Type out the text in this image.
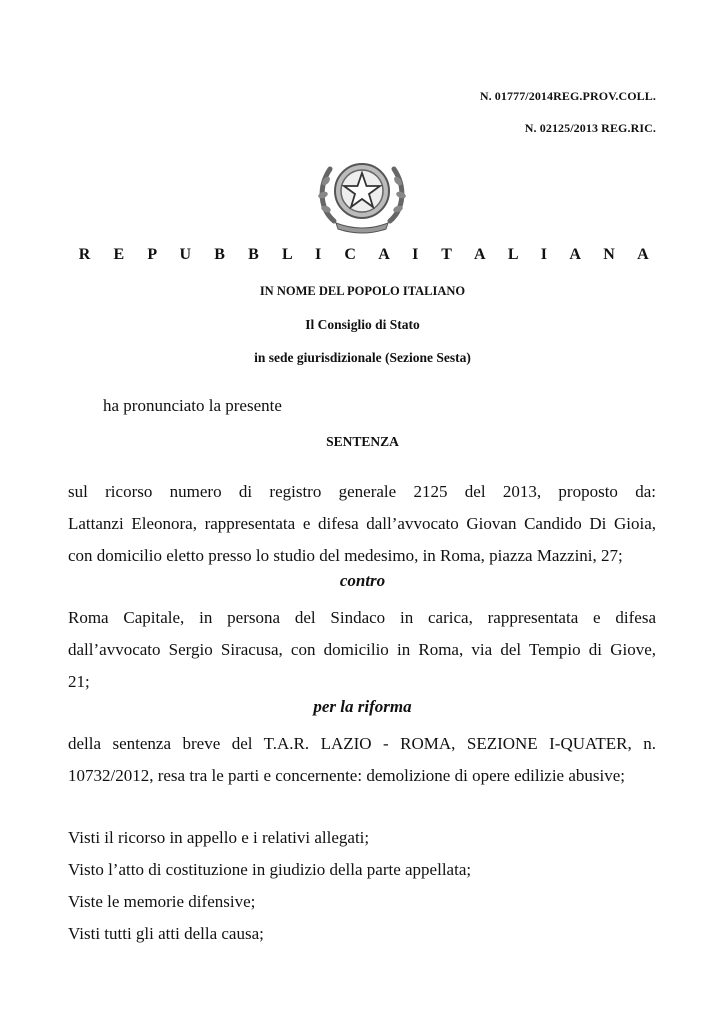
N. 01777/2014REG.PROV.COLL.
N. 02125/2013 REG.RIC.
R E P U B B L I C A I T A L I A N A
IN NOME DEL POPOLO ITALIANO
Il Consiglio di Stato
in sede giurisdizionale (Sezione Sesta)
ha pronunciato la presente
SENTENZA
sul ricorso numero di registro generale 2125 del 2013, proposto da:
Lattanzi Eleonora, rappresentata e difesa dall’avvocato Giovan Candido Di Gioia,
con domicilio eletto presso lo studio del medesimo, in Roma, piazza Mazzini, 27;
contro
Roma Capitale, in persona del Sindaco in carica, rappresentata e difesa
dall’avvocato Sergio Siracusa, con domicilio in Roma, via del Tempio di Giove,
21;
per la riforma
della sentenza breve del T.A.R. LAZIO - ROMA, SEZIONE I-QUATER, n.
10732/2012, resa tra le parti e concernente: demolizione di opere edilizie abusive;
Visti il ricorso in appello e i relativi allegati;
Visto l’atto di costituzione in giudizio della parte appellata;
Viste le memorie difensive;
Visti tutti gli atti della causa;
